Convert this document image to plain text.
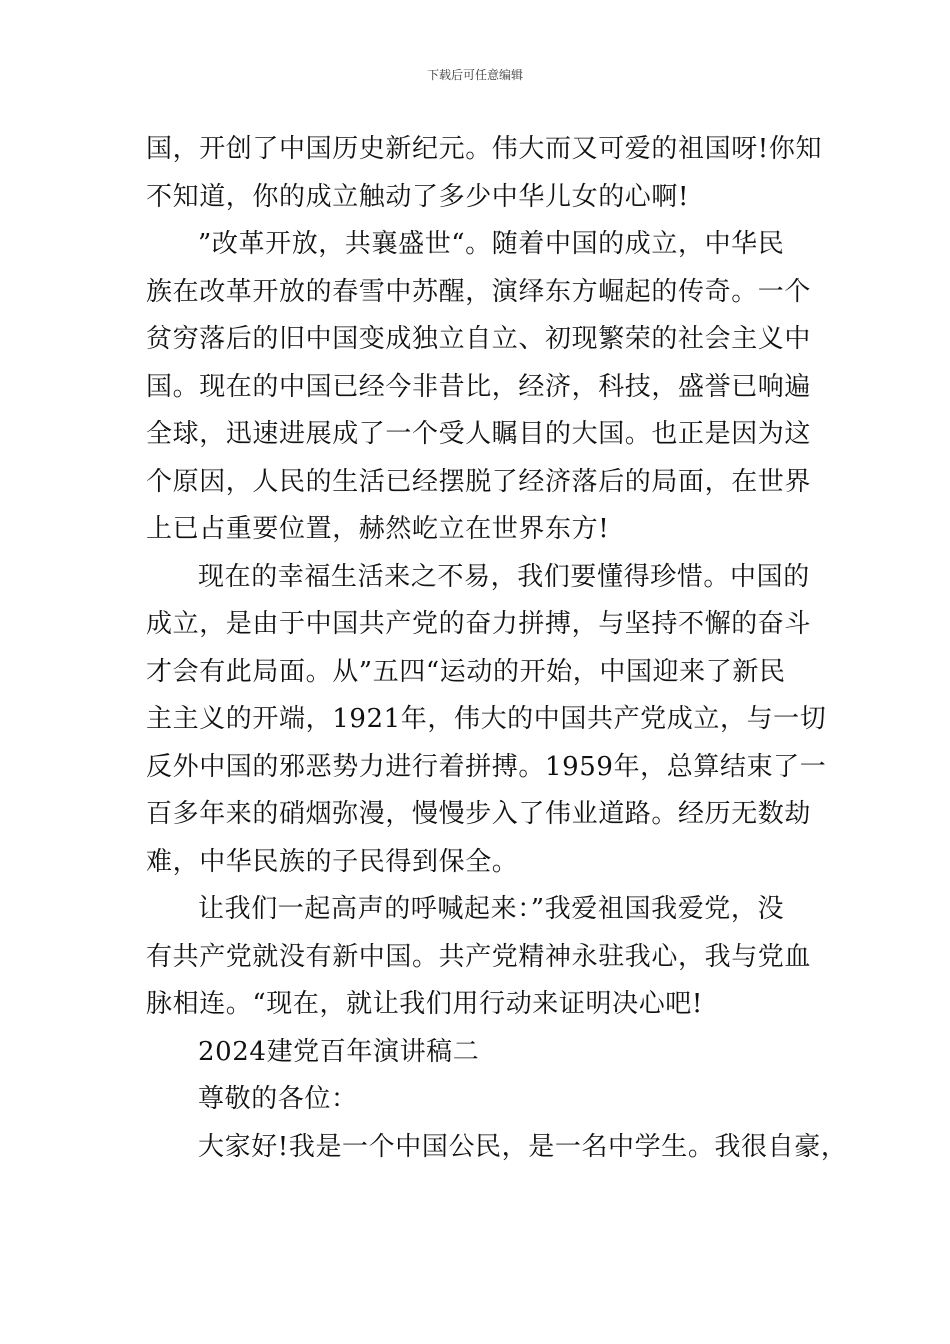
下载后可任意编辑
国，开创了中国历史新纪元。伟大而又可爱的祖国呀!你知
不知道，你的成立触动了多少中华儿女的心啊!
”改革开放，共襄盛世“。随着中国的成立，中华民
族在改革开放的春雪中苏醒，演绎东方崛起的传奇。一个
贫穷落后的旧中国变成独立自立、初现繁荣的社会主义中
国。现在的中国已经今非昔比，经济，科技，盛誉已响遍
全球，迅速进展成了一个受人瞩目的大国。也正是因为这
个原因，人民的生活已经摆脱了经济落后的局面，在世界
上已占重要位置，赫然屹立在世界东方!
现在的幸福生活来之不易，我们要懂得珍惜。中国的
成立，是由于中国共产党的奋力拼搏，与坚持不懈的奋斗
才会有此局面。从”五四“运动的开始，中国迎来了新民
主主义的开端，1921年，伟大的中国共产党成立，与一切
反外中国的邪恶势力进行着拼搏。1959年，总算结束了一
百多年来的硝烟弥漫，慢慢步入了伟业道路。经历无数劫
难，中华民族的子民得到保全。
让我们一起高声的呼喊起来：”我爱祖国我爱党，没
有共产党就没有新中国。共产党精神永驻我心，我与党血
脉相连。“现在，就让我们用行动来证明决心吧!
2024建党百年演讲稿二
尊敬的各位：
大家好!我是一个中国公民，是一名中学生。我很自豪，
